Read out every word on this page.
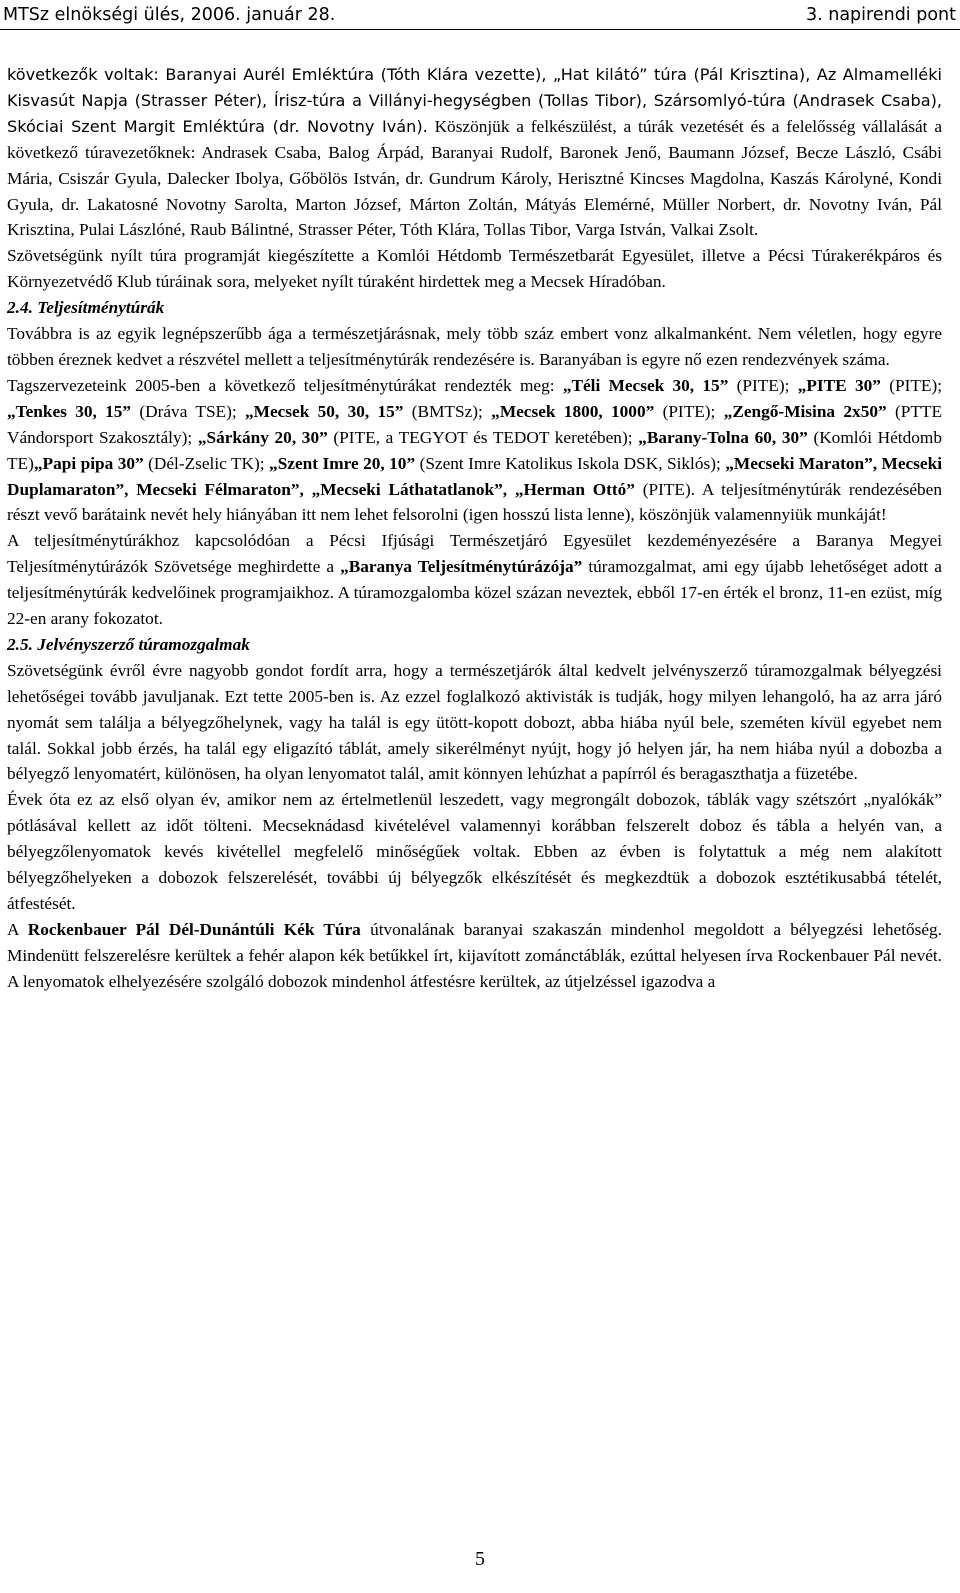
MTSz elnökségi ülés, 2006. január 28.	3. napirendi pont

következők voltak: Baranyai Aurél Emléktúra (Tóth Klára vezette), „Hat kilátó” túra (Pál Krisztina), Az Almamelléki Kisvasút Napja (Strasser Péter), Írisz-túra a Villányi-hegységben (Tollas Tibor), Szársomlyó-túra (Andrasek Csaba), Skóciai Szent Margit Emléktúra (dr. Novotny Iván). Köszönjük a felkészülést, a túrák vezetését és a felelősség vállalását a következő túravezetőknek: Andrasek Csaba, Balog Árpád, Baranyai Rudolf, Baronek Jenő, Baumann József, Becze László, Csábi Mária, Csiszár Gyula, Dalecker Ibolya, Gőbölös István, dr. Gundrum Károly, Herisztné Kincses Magdolna, Kaszás Károlyné, Kondi Gyula, dr. Lakatosné Novotny Sarolta, Marton József, Márton Zoltán, Mátyás Elemérné, Müller Norbert, dr. Novotny Iván, Pál Krisztina, Pulai Lászlóné, Raub Bálintné, Strasser Péter, Tóth Klára, Tollas Tibor, Varga István, Valkai Zsolt.

Szövetségünk nyílt túra programját kiegészítette a Komlói Hétdomb Természetbarát Egyesület, illetve a Pécsi Túrakerékpáros és Környezetvédő Klub túráinak sora, melyeket nyílt túraként hirdettek meg a Mecsek Híradóban.

2.4. Teljesítménytúrák

Továbbra is az egyik legnépszerűbb ága a természetjárásnak, mely több száz embert vonz alkalmanként. Nem véletlen, hogy egyre többen éreznek kedvet a részvétel mellett a teljesítménytúrák rendezésére is. Baranyában is egyre nő ezen rendezvények száma.

Tagszervezeteink 2005-ben a következő teljesítménytúrákat rendezték meg: „Téli Mecsek 30, 15” (PITE); „PITE 30” (PITE); „Tenkes 30, 15” (Dráva TSE); „Mecsek 50, 30, 15” (BMTSz); „Mecsek 1800, 1000” (PITE); „Zengő-Misina 2x50” (PTTE Vándorsport Szakosztály); „Sárkány 20, 30” (PITE, a TEGYOT és TEDOT keretében); „Barany-Tolna 60, 30” (Komlói Hétdomb TE)„Papi pipa 30” (Dél-Zselic TK); „Szent Imre 20, 10” (Szent Imre Katolikus Iskola DSK, Siklós); „Mecseki Maraton”, Mecseki Duplamaraton”, Mecseki Félmaraton”, „Mecseki Láthatatlanok”, „Herman Ottó” (PITE). A teljesítménytúrák rendezésében részt vevő barátaink nevét hely hiányában itt nem lehet felsorolni (igen hosszú lista lenne), köszönjük valamennyiük munkáját!

A teljesítménytúrákhoz kapcsolódóan a Pécsi Ifjúsági Természetjáró Egyesület kezdeményezésére a Baranya Megyei Teljesítménytúrázók Szövetsége meghirdette a „Baranya Teljesítménytúrázója” túramozgalmat, ami egy újabb lehetőséget adott a teljesítménytúrák kedvelőinek programjaikhoz. A túramozgalomba közel százan neveztek, ebből 17-en érték el bronz, 11-en ezüst, míg 22-en arany fokozatot.

2.5. Jelvényszerző túramozgalmak

Szövetségünk évről évre nagyobb gondot fordít arra, hogy a természetjárók által kedvelt jelvényszerző túramozgalmak bélyegzési lehetőségei tovább javuljanak. Ezt tette 2005-ben is. Az ezzel foglalkozó aktivisták is tudják, hogy milyen lehangoló, ha az arra járó nyomát sem találja a bélyegzőhelynek, vagy ha talál is egy ütött-kopott dobozt, abba hiába nyúl bele, szeméten kívül egyebet nem talál. Sokkal jobb érzés, ha talál egy eligazító táblát, amely sikerélményt nyújt, hogy jó helyen jár, ha nem hiába nyúl a dobozba a bélyegző lenyomatért, különösen, ha olyan lenyomatot talál, amit könnyen lehúzhat a papírról és beragaszthatja a füzetébe.

Évek óta ez az első olyan év, amikor nem az értelmetlenül leszedett, vagy megrongált dobozok, táblák vagy szétszórt „nyalókák” pótlásával kellett az időt tölteni. Mecseknádasd kivételével valamennyi korábban felszerelt doboz és tábla a helyén van, a bélyegzőlenyomatok kevés kivétellel megfelelő minőségűek voltak. Ebben az évben is folytattuk a még nem alakított bélyegzőhelyeken a dobozok felszerelését, további új bélyegzők elkészítését és megkezdtük a dobozok esztétikusabbá tételét, átfestését.

A Rockenbauer Pál Dél-Dunántúli Kék Túra útvonalának baranyai szakaszán mindenhol megoldott a bélyegzési lehetőség. Mindenütt felszerelésre kerültek a fehér alapon kék betűkkel írt, kijavított zománctáblák, ezúttal helyesen írva Rockenbauer Pál nevét. A lenyomatok elhelyezésére szolgáló dobozok mindenhol átfestésre kerültek, az útjelzéssel igazodva a

5
